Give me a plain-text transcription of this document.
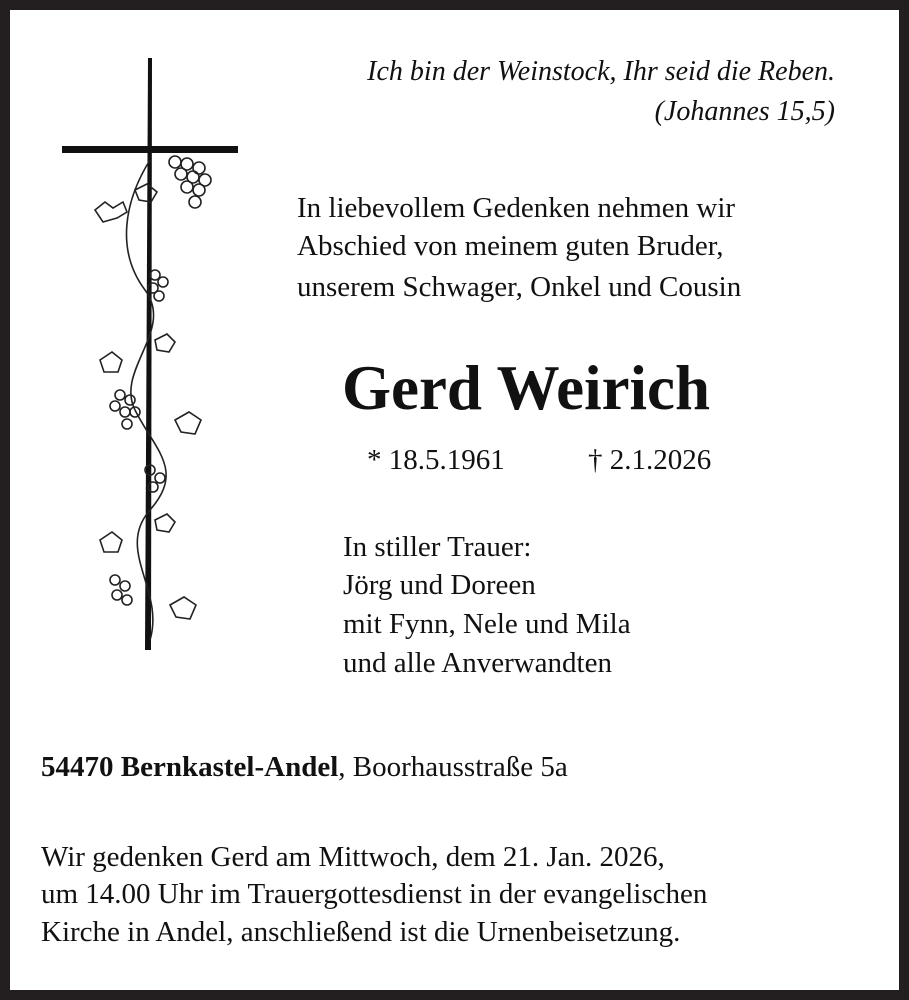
Ich bin der Weinstock, Ihr seid die Reben.
(Johannes 15,5)
In liebevollem Gedenken nehmen wir
Abschied von meinem guten Bruder,
unserem Schwager, Onkel und Cousin
Gerd Weirich
* 18.5.1961	† 2.1.2026
In stiller Trauer:
Jörg und Doreen
mit Fynn, Nele und Mila
und alle Anverwandten
54470 Bernkastel-Andel, Boorhausstraße 5a
Wir gedenken Gerd am Mittwoch, dem 21. Jan. 2026,
um 14.00 Uhr im Trauergottesdienst in der evangelischen
Kirche in Andel, anschließend ist die Urnenbeisetzung.
